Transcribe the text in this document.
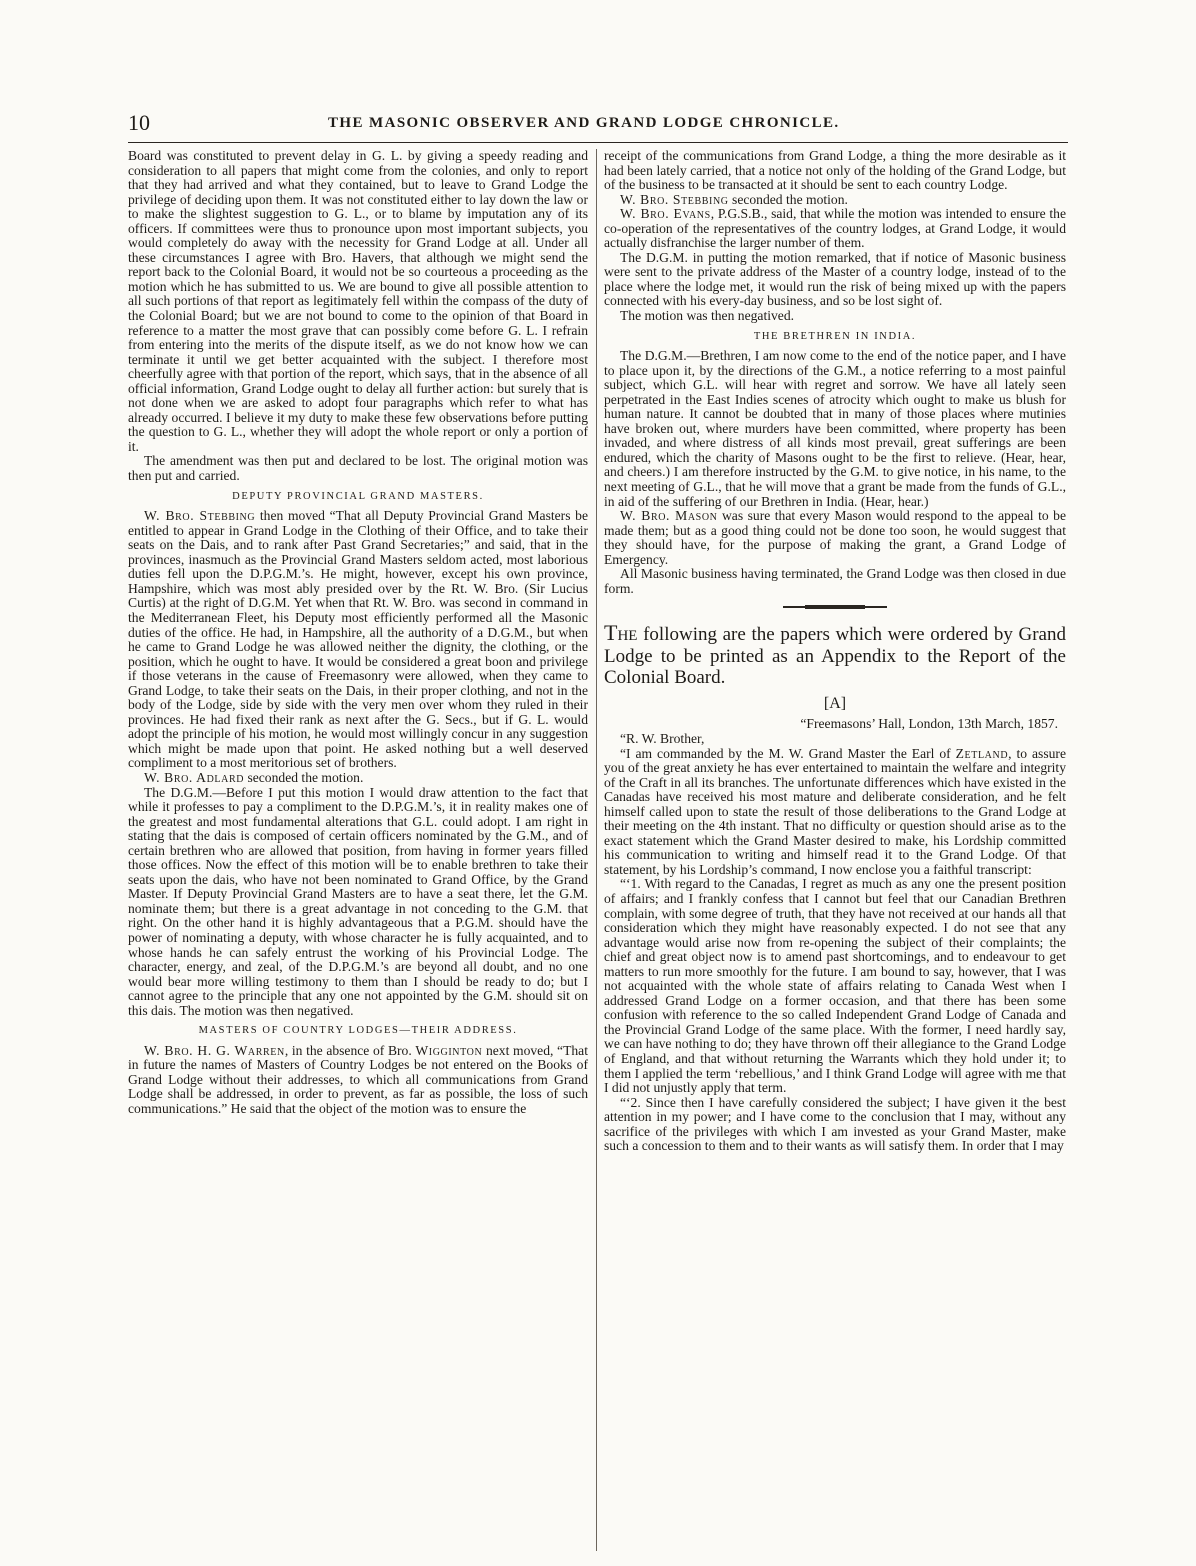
10	THE MASONIC OBSERVER AND GRAND LODGE CHRONICLE.

Board was constituted to prevent delay in G. L. by giving a speedy reading and consideration to all papers that might come from the colonies, and only to report that they had arrived and what they contained, but to leave to Grand Lodge the privilege of deciding upon them. It was not constituted either to lay down the law or to make the slightest suggestion to G. L., or to blame by imputation any of its officers. If committees were thus to pronounce upon most important subjects, you would completely do away with the necessity for Grand Lodge at all. Under all these circumstances I agree with Bro. Havers, that although we might send the report back to the Colonial Board, it would not be so courteous a proceeding as the motion which he has submitted to us. We are bound to give all possible attention to all such portions of that report as legitimately fell within the compass of the duty of the Colonial Board; but we are not bound to come to the opinion of that Board in reference to a matter the most grave that can possibly come before G. L. I refrain from entering into the merits of the dispute itself, as we do not know how we can terminate it until we get better acquainted with the subject. I therefore most cheerfully agree with that portion of the report, which says, that in the absence of all official information, Grand Lodge ought to delay all further action: but surely that is not done when we are asked to adopt four paragraphs which refer to what has already occurred. I believe it my duty to make these few observations before putting the question to G. L., whether they will adopt the whole report or only a portion of it.

The amendment was then put and declared to be lost. The original motion was then put and carried.

DEPUTY PROVINCIAL GRAND MASTERS.

W. Bro. Stebbing then moved “That all Deputy Provincial Grand Masters be entitled to appear in Grand Lodge in the Clothing of their Office, and to take their seats on the Dais, and to rank after Past Grand Secretaries;” and said, that in the provinces, inasmuch as the Provincial Grand Masters seldom acted, most laborious duties fell upon the D.P.G.M.’s. He might, however, except his own province, Hampshire, which was most ably presided over by the Rt. W. Bro. (Sir Lucius Curtis) at the right of D.G.M. Yet when that Rt. W. Bro. was second in command in the Mediterranean Fleet, his Deputy most efficiently performed all the Masonic duties of the office. He had, in Hampshire, all the authority of a D.G.M., but when he came to Grand Lodge he was allowed neither the dignity, the clothing, or the position, which he ought to have. It would be considered a great boon and privilege if those veterans in the cause of Freemasonry were allowed, when they came to Grand Lodge, to take their seats on the Dais, in their proper clothing, and not in the body of the Lodge, side by side with the very men over whom they ruled in their provinces. He had fixed their rank as next after the G. Secs., but if G. L. would adopt the principle of his motion, he would most willingly concur in any suggestion which might be made upon that point. He asked nothing but a well deserved compliment to a most meritorious set of brothers.

W. Bro. Adlard seconded the motion.

The D.G.M.—Before I put this motion I would draw attention to the fact that while it professes to pay a compliment to the D.P.G.M.’s, it in reality makes one of the greatest and most fundamental alterations that G.L. could adopt. I am right in stating that the dais is composed of certain officers nominated by the G.M., and of certain brethren who are allowed that position, from having in former years filled those offices. Now the effect of this motion will be to enable brethren to take their seats upon the dais, who have not been nominated to Grand Office, by the Grand Master. If Deputy Provincial Grand Masters are to have a seat there, let the G.M. nominate them; but there is a great advantage in not conceding to the G.M. that right. On the other hand it is highly advantageous that a P.G.M. should have the power of nominating a deputy, with whose character he is fully acquainted, and to whose hands he can safely entrust the working of his Provincial Lodge. The character, energy, and zeal, of the D.P.G.M.’s are beyond all doubt, and no one would bear more willing testimony to them than I should be ready to do; but I cannot agree to the principle that any one not appointed by the G.M. should sit on this dais. The motion was then negatived.

MASTERS OF COUNTRY LODGES—THEIR ADDRESS.

W. Bro. H. G. Warren, in the absence of Bro. Wigginton next moved, “That in future the names of Masters of Country Lodges be not entered on the Books of Grand Lodge without their addresses, to which all communications from Grand Lodge shall be addressed, in order to prevent, as far as possible, the loss of such communications.” He said that the object of the motion was to ensure the

receipt of the communications from Grand Lodge, a thing the more desirable as it had been lately carried, that a notice not only of the holding of the Grand Lodge, but of the business to be transacted at it should be sent to each country Lodge.

W. Bro. Stebbing seconded the motion.

W. Bro. Evans, P.G.S.B., said, that while the motion was intended to ensure the co-operation of the representatives of the country lodges, at Grand Lodge, it would actually disfranchise the larger number of them.

The D.G.M. in putting the motion remarked, that if notice of Masonic business were sent to the private address of the Master of a country lodge, instead of to the place where the lodge met, it would run the risk of being mixed up with the papers connected with his every-day business, and so be lost sight of.

The motion was then negatived.

THE BRETHREN IN INDIA.

The D.G.M.—Brethren, I am now come to the end of the notice paper, and I have to place upon it, by the directions of the G.M., a notice referring to a most painful subject, which G.L. will hear with regret and sorrow. We have all lately seen perpetrated in the East Indies scenes of atrocity which ought to make us blush for human nature. It cannot be doubted that in many of those places where mutinies have broken out, where murders have been committed, where property has been invaded, and where distress of all kinds most prevail, great sufferings are been endured, which the charity of Masons ought to be the first to relieve. (Hear, hear, and cheers.) I am therefore instructed by the G.M. to give notice, in his name, to the next meeting of G.L., that he will move that a grant be made from the funds of G.L., in aid of the suffering of our Brethren in India. (Hear, hear.)

W. Bro. Mason was sure that every Mason would respond to the appeal to be made them; but as a good thing could not be done too soon, he would suggest that they should have, for the purpose of making the grant, a Grand Lodge of Emergency.

All Masonic business having terminated, the Grand Lodge was then closed in due form.

The following are the papers which were ordered by Grand Lodge to be printed as an Appendix to the Report of the Colonial Board.

[A]

“Freemasons’ Hall, London, 13th March, 1857.

“R. W. Brother,

“I am commanded by the M. W. Grand Master the Earl of Zetland, to assure you of the great anxiety he has ever entertained to maintain the welfare and integrity of the Craft in all its branches. The unfortunate differences which have existed in the Canadas have received his most mature and deliberate consideration, and he felt himself called upon to state the result of those deliberations to the Grand Lodge at their meeting on the 4th instant. That no difficulty or question should arise as to the exact statement which the Grand Master desired to make, his Lordship committed his communication to writing and himself read it to the Grand Lodge. Of that statement, by his Lordship’s command, I now enclose you a faithful transcript:

“‘1. With regard to the Canadas, I regret as much as any one the present position of affairs; and I frankly confess that I cannot but feel that our Canadian Brethren complain, with some degree of truth, that they have not received at our hands all that consideration which they might have reasonably expected. I do not see that any advantage would arise now from re-opening the subject of their complaints; the chief and great object now is to amend past shortcomings, and to endeavour to get matters to run more smoothly for the future. I am bound to say, however, that I was not acquainted with the whole state of affairs relating to Canada West when I addressed Grand Lodge on a former occasion, and that there has been some confusion with reference to the so called Independent Grand Lodge of Canada and the Provincial Grand Lodge of the same place. With the former, I need hardly say, we can have nothing to do; they have thrown off their allegiance to the Grand Lodge of England, and that without returning the Warrants which they hold under it; to them I applied the term ‘rebellious,’ and I think Grand Lodge will agree with me that I did not unjustly apply that term.

“‘2. Since then I have carefully considered the subject; I have given it the best attention in my power; and I have come to the conclusion that I may, without any sacrifice of the privileges with which I am invested as your Grand Master, make such a concession to them and to their wants as will satisfy them. In order that I may
